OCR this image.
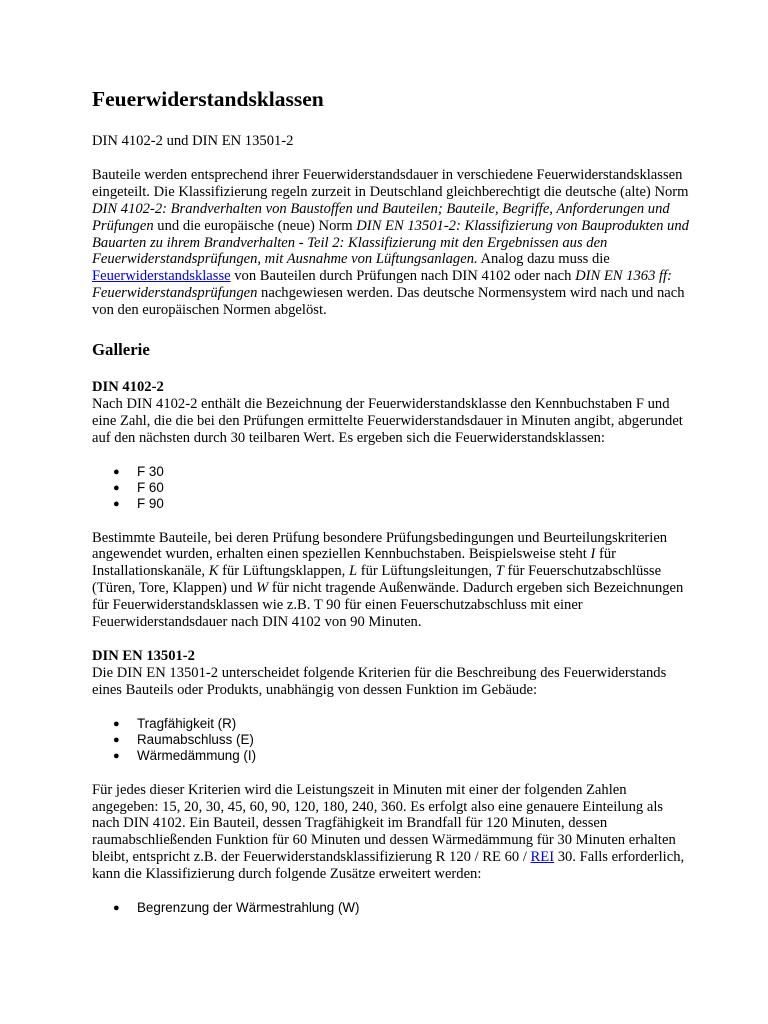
Feuerwiderstandsklassen

DIN 4102-2 und DIN EN 13501-2

Bauteile werden entsprechend ihrer Feuerwiderstandsdauer in verschiedene Feuerwiderstandsklassen eingeteilt. Die Klassifizierung regeln zurzeit in Deutschland gleichberechtigt die deutsche (alte) Norm DIN 4102-2: Brandverhalten von Baustoffen und Bauteilen; Bauteile, Begriffe, Anforderungen und Prüfungen und die europäische (neue) Norm DIN EN 13501-2: Klassifizierung von Bauprodukten und Bauarten zu ihrem Brandverhalten - Teil 2: Klassifizierung mit den Ergebnissen aus den Feuerwiderstandsprüfungen, mit Ausnahme von Lüftungsanlagen. Analog dazu muss die Feuerwiderstandsklasse von Bauteilen durch Prüfungen nach DIN 4102 oder nach DIN EN 1363 ff: Feuerwiderstandsprüfungen nachgewiesen werden. Das deutsche Normensystem wird nach und nach von den europäischen Normen abgelöst.

Gallerie
DIN 4102-2
Nach DIN 4102-2 enthält die Bezeichnung der Feuerwiderstandsklasse den Kennbuchstaben F und eine Zahl, die die bei den Prüfungen ermittelte Feuerwiderstandsdauer in Minuten angibt, abgerundet auf den nächsten durch 30 teilbaren Wert. Es ergeben sich die Feuerwiderstandsklassen:
● F 30
● F 60
● F 90

Bestimmte Bauteile, bei deren Prüfung besondere Prüfungsbedingungen und Beurteilungskriterien angewendet wurden, erhalten einen speziellen Kennbuchstaben. Beispielsweise steht I für Installationskanäle, K für Lüftungsklappen, L für Lüftungsleitungen, T für Feuerschutzabschlüsse (Türen, Tore, Klappen) und W für nicht tragende Außenwände. Dadurch ergeben sich Bezeichnungen für Feuerwiderstandsklassen wie z.B. T 90 für einen Feuerschutzabschluss mit einer Feuerwiderstandsdauer nach DIN 4102 von 90 Minuten.

DIN EN 13501-2
Die DIN EN 13501-2 unterscheidet folgende Kriterien für die Beschreibung des Feuerwiderstands eines Bauteils oder Produkts, unabhängig von dessen Funktion im Gebäude:
● Tragfähigkeit (R)
● Raumabschluss (E)
● Wärmedämmung (I)

Für jedes dieser Kriterien wird die Leistungszeit in Minuten mit einer der folgenden Zahlen angegeben: 15, 20, 30, 45, 60, 90, 120, 180, 240, 360. Es erfolgt also eine genauere Einteilung als nach DIN 4102. Ein Bauteil, dessen Tragfähigkeit im Brandfall für 120 Minuten, dessen raumabschließenden Funktion für 60 Minuten und dessen Wärmedämmung für 30 Minuten erhalten bleibt, entspricht z.B. der Feuerwiderstandsklassifizierung R 120 / RE 60 / REI 30. Falls erforderlich, kann die Klassifizierung durch folgende Zusätze erweitert werden:

● Begrenzung der Wärmestrahlung (W)
